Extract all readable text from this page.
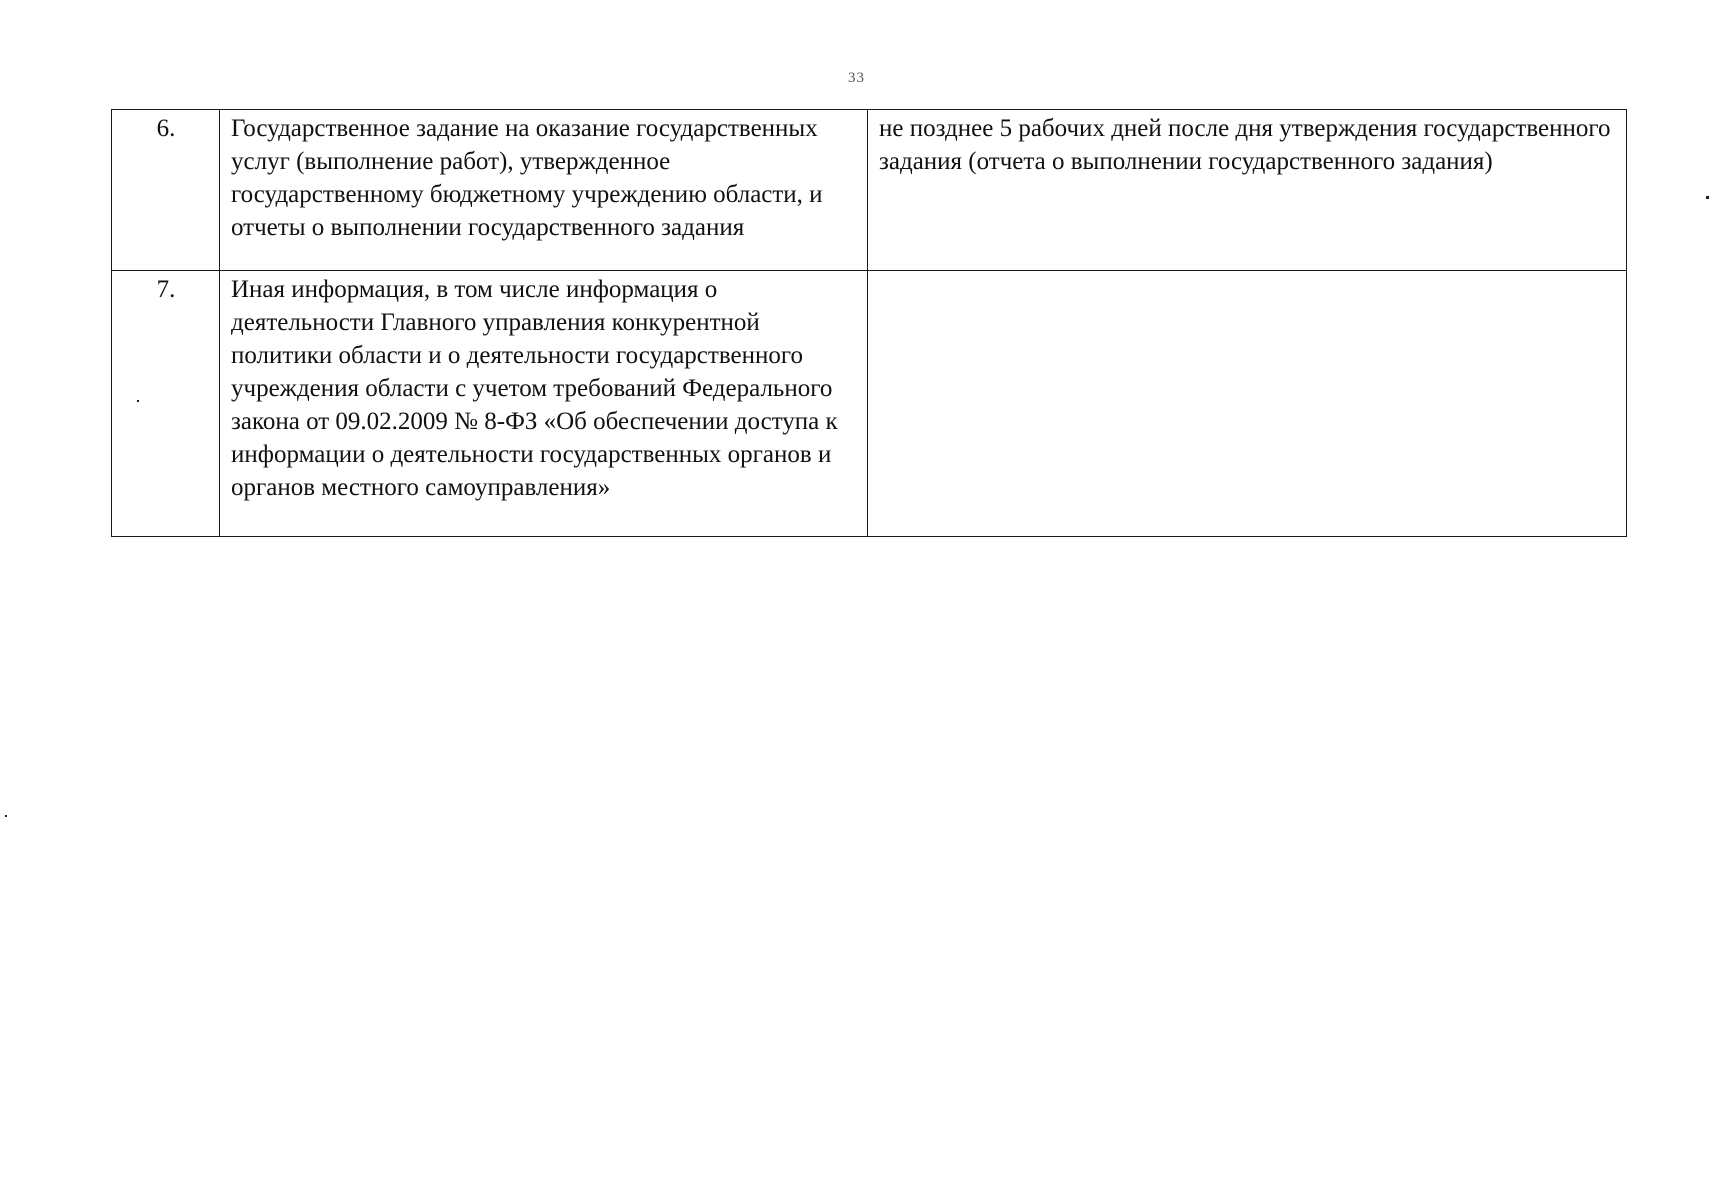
33
6.	Государственное задание на оказание государственных услуг (выполнение работ), утвержденное государственному бюджетному учреждению области, и отчеты о выполнении государственного задания	не позднее 5 рабочих дней после дня утверждения государственного задания (отчета о выполнении государственного задания)
7.	Иная информация, в том числе информация о деятельности Главного управления конкурентной политики области и о деятельности государственного учреждения области с учетом требований Федерального закона от 09.02.2009 № 8-ФЗ «Об обеспечении доступа к информации о деятельности государственных органов и органов местного самоуправления»	
